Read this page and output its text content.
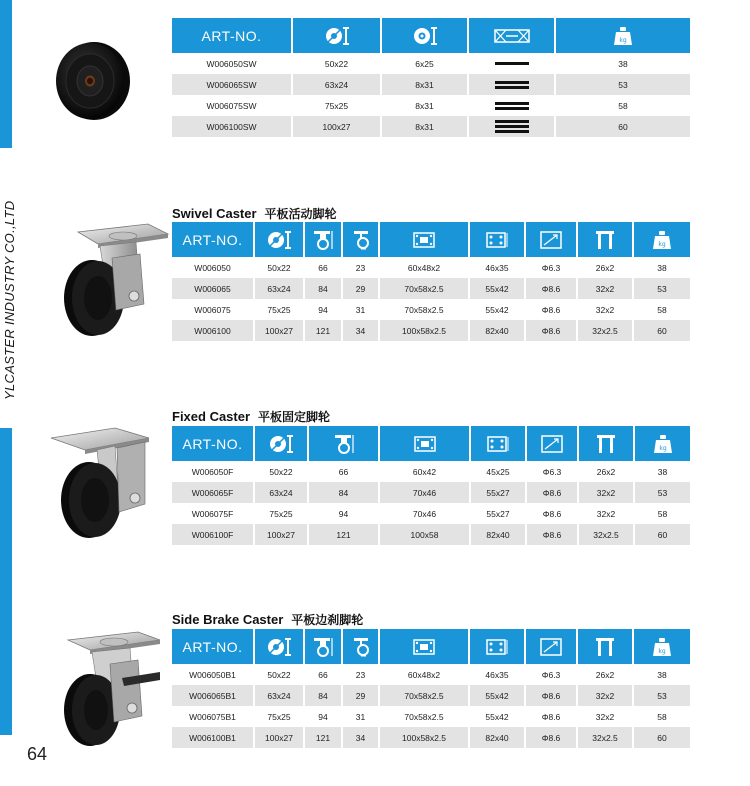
YLCASTER INDUSTRY CO.,LTD
64
ART-NO.				kg

W006050SW	50x22	6x25		38
W006065SW	63x24	8x31		53
W006075SW	75x25	8x31		58
W006100SW	100x27	8x31		60
Swivel Caster 平板活动脚轮
ART-NO.								kg

W006050	50x22	66	23	60x48x2	46x35	Φ6.3	26x2	38
W006065	63x24	84	29	70x58x2.5	55x42	Φ8.6	32x2	53
W006075	75x25	94	31	70x58x2.5	55x42	Φ8.6	32x2	58
W006100	100x27	121	34	100x58x2.5	82x40	Φ8.6	32x2.5	60
Fixed Caster 平板固定脚轮
ART-NO.							kg

W006050F	50x22	66	60x42	45x25	Φ6.3	26x2	38
W006065F	63x24	84	70x46	55x27	Φ8.6	32x2	53
W006075F	75x25	94	70x46	55x27	Φ8.6	32x2	58
W006100F	100x27	121	100x58	82x40	Φ8.6	32x2.5	60
Side Brake Caster 平板边刹脚轮
ART-NO.								kg

W006050B1	50x22	66	23	60x48x2	46x35	Φ6.3	26x2	38
W006065B1	63x24	84	29	70x58x2.5	55x42	Φ8.6	32x2	53
W006075B1	75x25	94	31	70x58x2.5	55x42	Φ8.6	32x2	58
W006100B1	100x27	121	34	100x58x2.5	82x40	Φ8.6	32x2.5	60
